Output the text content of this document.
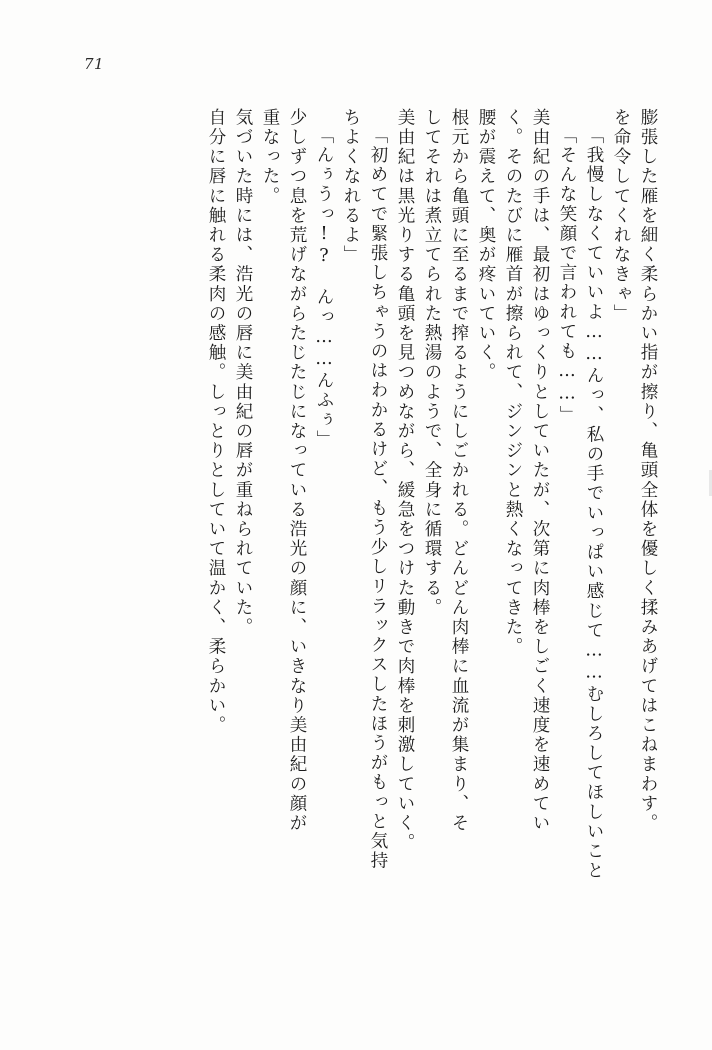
71
膨張した雁を細く柔らかい指が擦り、亀頭全体を優しく揉みあげてはこねまわす。
を命令してくれなきゃ」
「我慢しなくていいよ……んっ、私の手でいっぱい感じて……むしろしてほしいこと
「そんな笑顔で言われても……」
美由紀の手は、最初はゆっくりとしていたが、次第に肉棒をしごく速度を速めてい
く。そのたびに雁首が擦られて、ジンジンと熱くなってきた。
腰が震えて、奥が疼いていく。
根元から亀頭に至るまで搾るようにしごかれる。どんどん肉棒に血流が集まり、そ
してそれは煮立てられた熱湯のようで、全身に循環する。
美由紀は黒光りする亀頭を見つめながら、緩急をつけた動きで肉棒を刺激していく。
「初めてで緊張しちゃうのはわかるけど、もう少しリラックスしたほうがもっと気持
ちよくなれるよ」
「んぅうっ!?　んっ……んふぅ」
少しずつ息を荒げながらたじたじになっている浩光の顔に、いきなり美由紀の顔が
重なった。
気づいた時には、浩光の唇に美由紀の唇が重ねられていた。
自分に唇に触れる柔肉の感触。しっとりとしていて温かく、柔らかい。
